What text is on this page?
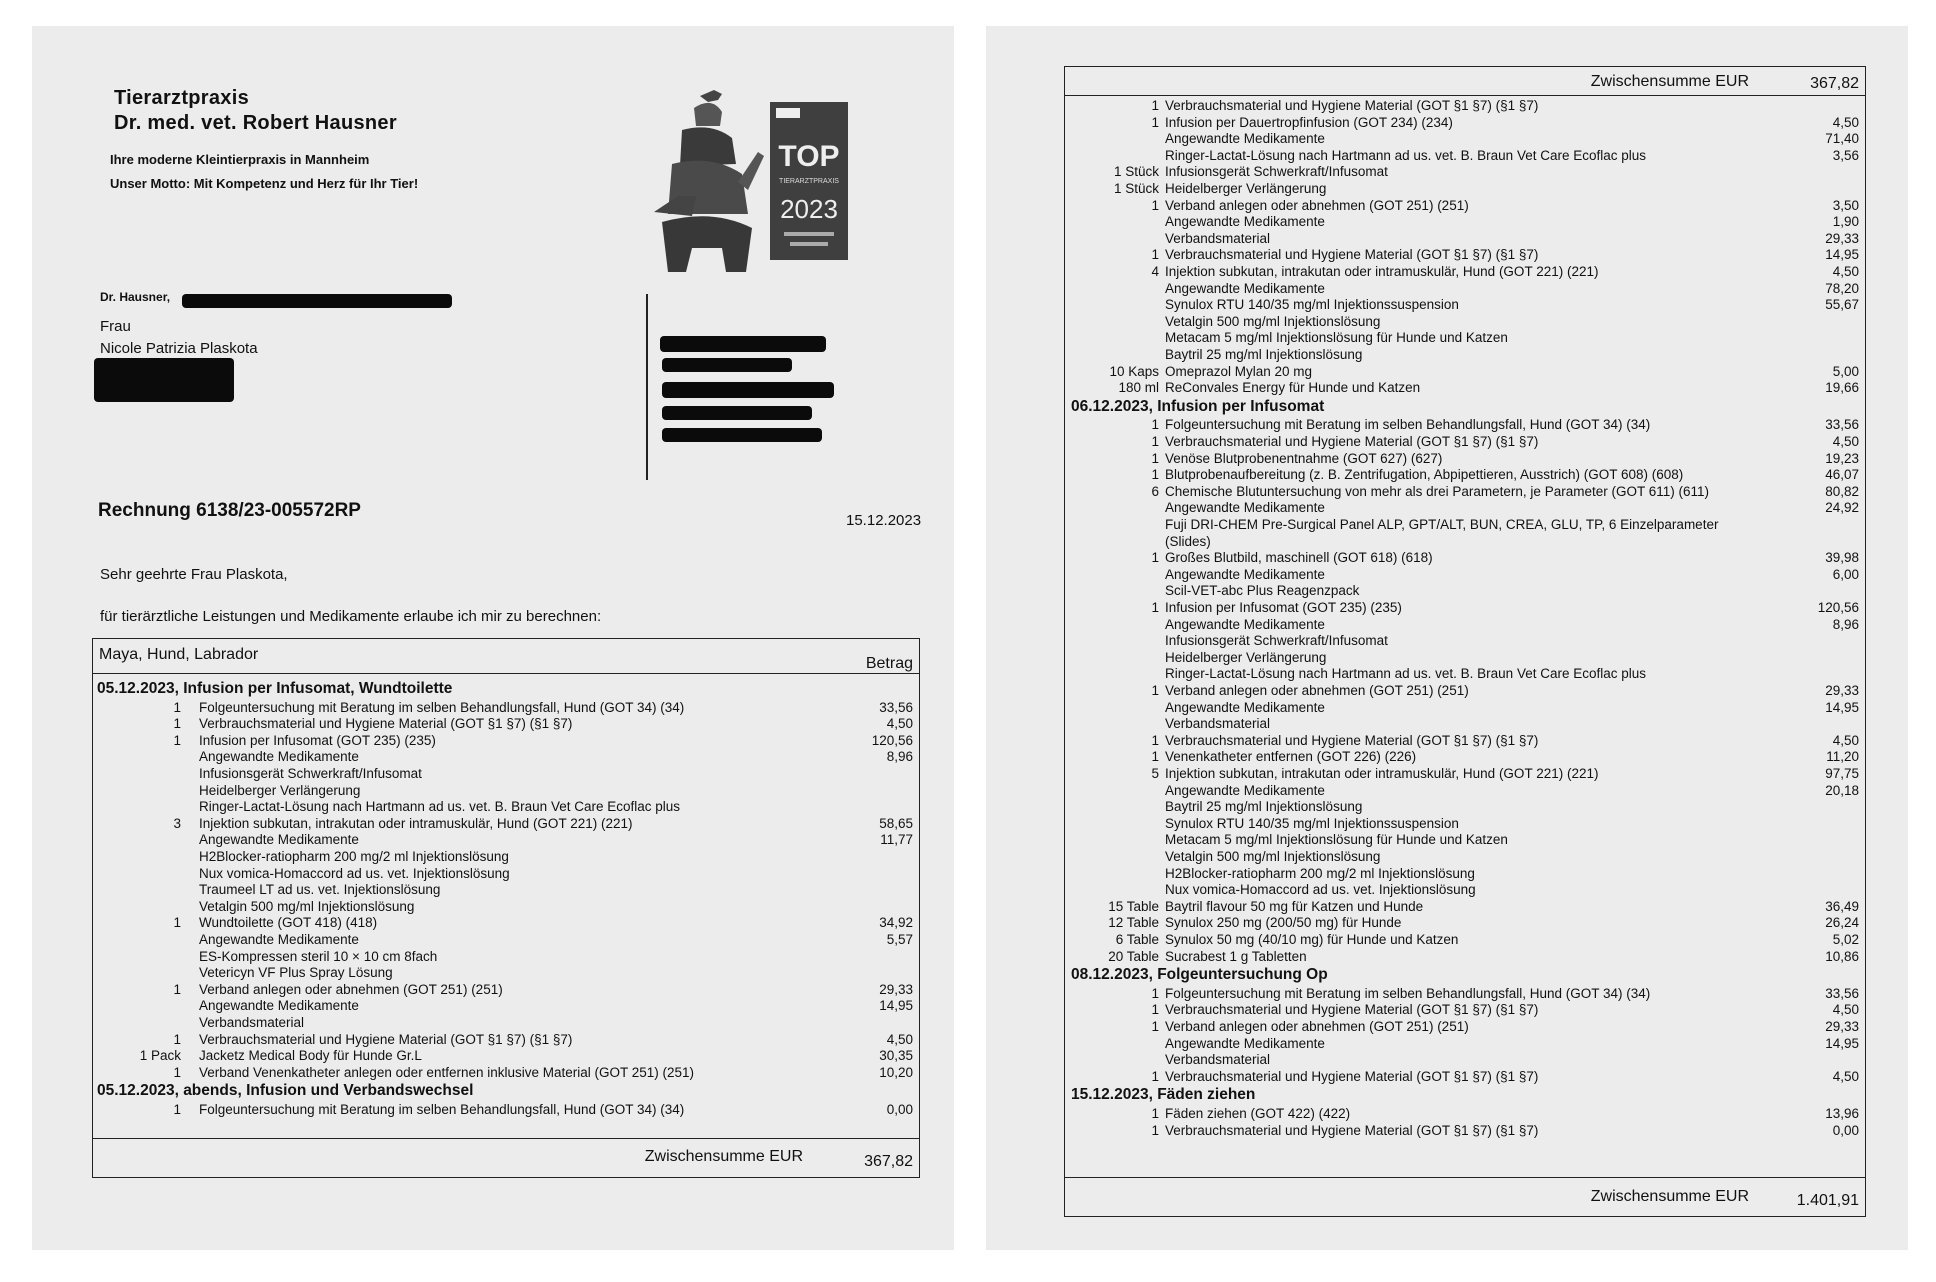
Tierarztpraxis
Dr. med. vet. Robert Hausner
Ihre moderne Kleintierpraxis in Mannheim
Unser Motto: Mit Kompetenz und Herz für Ihr Tier!
TOP
TIERARZTPRAXIS
2023
Dr. Hausner,
Frau
Nicole Patrizia Plaskota
Rechnung 6138/23-005572RP	15.12.2023
Sehr geehrte Frau Plaskota,
für tierärztliche Leistungen und Medikamente erlaube ich mir zu berechnen:
Maya, Hund, Labrador
Betrag
Zwischensumme EUR	367,82
05.12.2023, Infusion per Infusomat, Wundtoilette
1 Folgeuntersuchung mit Beratung im selben Behandlungsfall, Hund (GOT 34) (34)	33,56
1 Verbrauchsmaterial und Hygiene Material (GOT §1 §7) (§1 §7)	4,50
1 Infusion per Infusomat (GOT 235) (235)	120,56
Angewandte Medikamente	8,96
Infusionsgerät Schwerkraft/Infusomat
Heidelberger Verlängerung
Ringer-Lactat-Lösung nach Hartmann ad us. vet. B. Braun Vet Care Ecoflac plus
3 Injektion subkutan, intrakutan oder intramuskulär, Hund (GOT 221) (221)	58,65
Angewandte Medikamente	11,77
H2Blocker-ratiopharm 200 mg/2 ml Injektionslösung
Nux vomica-Homaccord ad us. vet. Injektionslösung
Traumeel LT ad us. vet. Injektionslösung
Vetalgin 500 mg/ml Injektionslösung
1 Wundtoilette (GOT 418) (418)	34,92
Angewandte Medikamente	5,57
ES-Kompressen steril 10 × 10 cm 8fach
Vetericyn VF Plus Spray Lösung
1 Verband anlegen oder abnehmen (GOT 251) (251)	29,33
Angewandte Medikamente	14,95
Verbandsmaterial
1 Verbrauchsmaterial und Hygiene Material (GOT §1 §7) (§1 §7)	4,50
1 Pack Jacketz Medical Body für Hunde Gr.L	30,35
1 Verband Venenkatheter anlegen oder entfernen inklusive Material (GOT 251) (251)	10,20
05.12.2023, abends, Infusion und Verbandswechsel
1 Folgeuntersuchung mit Beratung im selben Behandlungsfall, Hund (GOT 34) (34)	0,00
Zwischensumme EUR	367,82
Zwischensumme EUR	1.401,91
1 Verbrauchsmaterial und Hygiene Material (GOT §1 §7) (§1 §7)
1 Infusion per Dauertropfinfusion (GOT 234) (234)	4,50
Angewandte Medikamente	71,40
Ringer-Lactat-Lösung nach Hartmann ad us. vet. B. Braun Vet Care Ecoflac plus	3,56
1 Stück Infusionsgerät Schwerkraft/Infusomat
1 Stück Heidelberger Verlängerung
1 Verband anlegen oder abnehmen (GOT 251) (251)	3,50
Angewandte Medikamente	1,90
Verbandsmaterial	29,33
1 Verbrauchsmaterial und Hygiene Material (GOT §1 §7) (§1 §7)	14,95
4 Injektion subkutan, intrakutan oder intramuskulär, Hund (GOT 221) (221)	4,50
Angewandte Medikamente	78,20
Synulox RTU 140/35 mg/ml Injektionssuspension	55,67
Vetalgin 500 mg/ml Injektionslösung
Metacam 5 mg/ml Injektionslösung für Hunde und Katzen
Baytril 25 mg/ml Injektionslösung
10 Kaps Omeprazol Mylan 20 mg	5,00
180 ml ReConvales Energy für Hunde und Katzen	19,66
06.12.2023, Infusion per Infusomat
1 Folgeuntersuchung mit Beratung im selben Behandlungsfall, Hund (GOT 34) (34)	33,56
1 Verbrauchsmaterial und Hygiene Material (GOT §1 §7) (§1 §7)	4,50
1 Venöse Blutprobenentnahme (GOT 627) (627)	19,23
1 Blutprobenaufbereitung (z. B. Zentrifugation, Abpipettieren, Ausstrich) (GOT 608) (608)	46,07
6 Chemische Blutuntersuchung von mehr als drei Parametern, je Parameter (GOT 611) (611)	80,82
Angewandte Medikamente	24,92
Fuji DRI-CHEM Pre-Surgical Panel ALP, GPT/ALT, BUN, CREA, GLU, TP, 6 Einzelparameter
(Slides)
1 Großes Blutbild, maschinell (GOT 618) (618)	39,98
Angewandte Medikamente	6,00
Scil-VET-abc Plus Reagenzpack
1 Infusion per Infusomat (GOT 235) (235)	120,56
Angewandte Medikamente	8,96
Infusionsgerät Schwerkraft/Infusomat
Heidelberger Verlängerung
Ringer-Lactat-Lösung nach Hartmann ad us. vet. B. Braun Vet Care Ecoflac plus
1 Verband anlegen oder abnehmen (GOT 251) (251)	29,33
Angewandte Medikamente	14,95
Verbandsmaterial
1 Verbrauchsmaterial und Hygiene Material (GOT §1 §7) (§1 §7)	4,50
1 Venenkatheter entfernen (GOT 226) (226)	11,20
5 Injektion subkutan, intrakutan oder intramuskulär, Hund (GOT 221) (221)	97,75
Angewandte Medikamente	20,18
Baytril 25 mg/ml Injektionslösung
Synulox RTU 140/35 mg/ml Injektionssuspension
Metacam 5 mg/ml Injektionslösung für Hunde und Katzen
Vetalgin 500 mg/ml Injektionslösung
H2Blocker-ratiopharm 200 mg/2 ml Injektionslösung
Nux vomica-Homaccord ad us. vet. Injektionslösung
15 Table Baytril flavour 50 mg für Katzen und Hunde	36,49
12 Table Synulox 250 mg (200/50 mg) für Hunde	26,24
6 Table Synulox 50 mg (40/10 mg) für Hunde und Katzen	5,02
20 Table Sucrabest 1 g Tabletten	10,86
08.12.2023, Folgeuntersuchung Op
1 Folgeuntersuchung mit Beratung im selben Behandlungsfall, Hund (GOT 34) (34)	33,56
1 Verbrauchsmaterial und Hygiene Material (GOT §1 §7) (§1 §7)	4,50
1 Verband anlegen oder abnehmen (GOT 251) (251)	29,33
Angewandte Medikamente	14,95
Verbandsmaterial
1 Verbrauchsmaterial und Hygiene Material (GOT §1 §7) (§1 §7)	4,50
15.12.2023, Fäden ziehen
1 Fäden ziehen (GOT 422) (422)	13,96
1 Verbrauchsmaterial und Hygiene Material (GOT §1 §7) (§1 §7)	0,00
